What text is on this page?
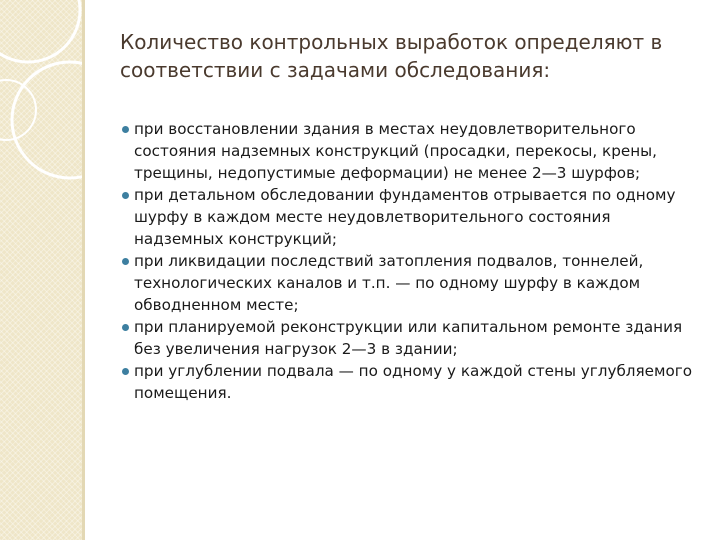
Количество контрольных выработок определяют в соответствии с задачами обследования:
при восстановлении здания в местах неудовлетворительного состояния надземных конструкций (просадки, перекосы, крены, трещины, недопустимые деформации) не менее 2—3 шурфов;
при детальном обследовании фундаментов отрывается по одному шурфу в каждом месте неудовлетворительного состояния надземных конструкций;
при ликвидации последствий затопления подвалов, тоннелей, технологических каналов и т.п. — по одному шурфу в каждом обводненном месте;
при планируемой реконструкции или капитальном ремонте здания без увеличения нагрузок 2—3 в здании;
при углублении подвала — по одному у каждой стены углубляемого помещения.
